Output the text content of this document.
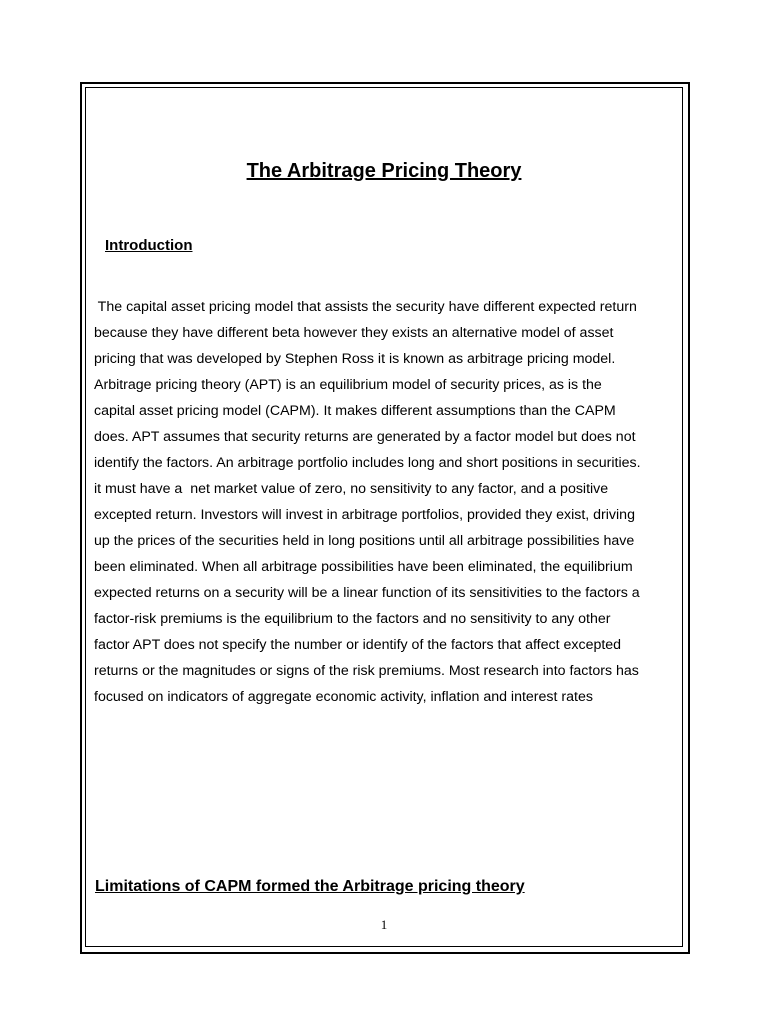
The Arbitrage Pricing Theory
Introduction
The capital asset pricing model that assists the security have different expected return
because they have different beta however they exists an alternative model of asset
pricing that was developed by Stephen Ross it is known as arbitrage pricing model.
Arbitrage pricing theory (APT) is an equilibrium model of security prices, as is the
capital asset pricing model (CAPM). It makes different assumptions than the CAPM
does. APT assumes that security returns are generated by a factor model but does not
identify the factors. An arbitrage portfolio includes long and short positions in securities.
it must have a  net market value of zero, no sensitivity to any factor, and a positive
excepted return. Investors will invest in arbitrage portfolios, provided they exist, driving
up the prices of the securities held in long positions until all arbitrage possibilities have
been eliminated. When all arbitrage possibilities have been eliminated, the equilibrium
expected returns on a security will be a linear function of its sensitivities to the factors a
factor-risk premiums is the equilibrium to the factors and no sensitivity to any other
factor APT does not specify the number or identify of the factors that affect excepted
returns or the magnitudes or signs of the risk premiums. Most research into factors has
focused on indicators of aggregate economic activity, inflation and interest rates
Limitations of CAPM formed the Arbitrage pricing theory
1
